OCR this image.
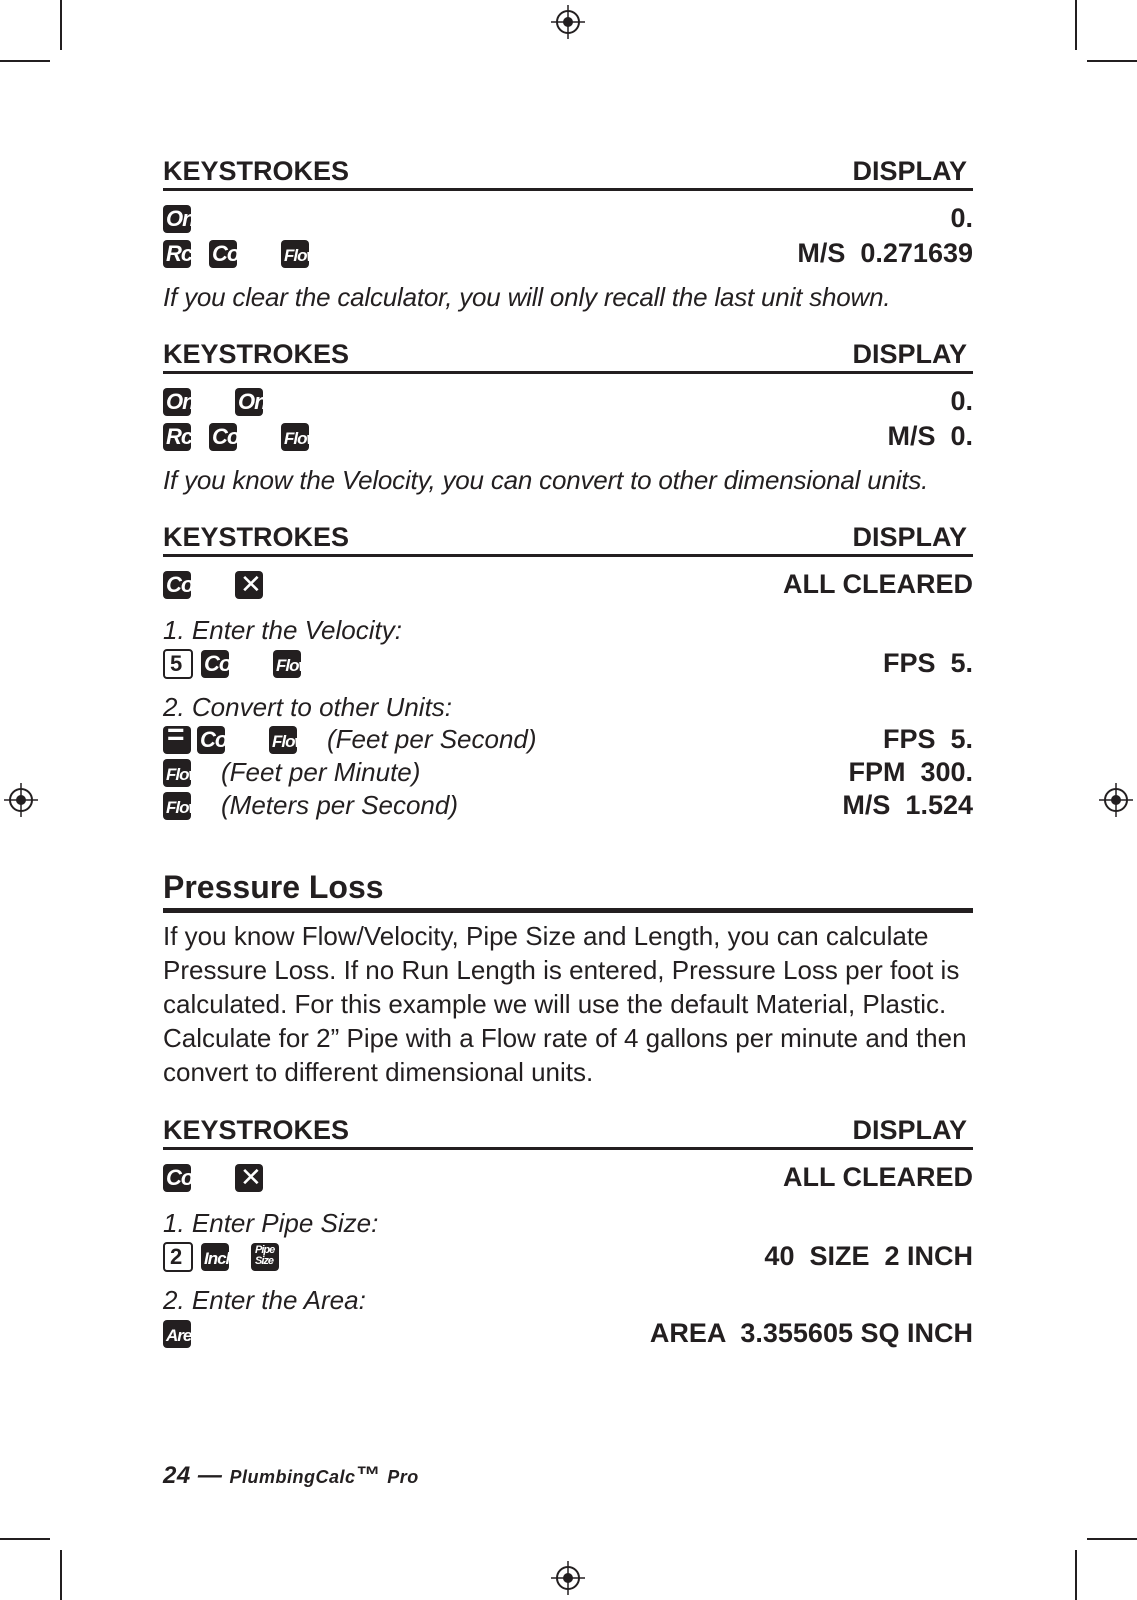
KEYSTROKES	DISPLAY
On	0.
Rcl Conv Flow	M/S  0.271639
If you clear the calculator, you will only recall the last unit shown.
KEYSTROKES	DISPLAY
On On	0.
Rcl Conv Flow	M/S  0.
If you know the Velocity, you can convert to other dimensional units.
KEYSTROKES	DISPLAY
Conv ✕	ALL CLEARED
1. Enter the Velocity:
5 Conv Flow	FPS  5.
2. Convert to other Units:
= Conv Flow (Feet per Second)	FPS  5.
Flow (Feet per Minute)	FPM  300.
Flow (Meters per Second)	M/S  1.524
Pressure Loss
If you know Flow/Velocity, Pipe Size and Length, you can calculate Pressure Loss. If no Run Length is entered, Pressure Loss per foot is calculated. For this example we will use the default Material, Plastic. Calculate for 2” Pipe with a Flow rate of 4 gallons per minute and then convert to different dimensional units.
KEYSTROKES	DISPLAY
Conv ✕	ALL CLEARED
1. Enter Pipe Size:
2 Inch Pipe Size	40  SIZE  2 INCH
2. Enter the Area:
Area	AREA  3.355605 SQ INCH
24 — PlumbingCalc™ Pro
